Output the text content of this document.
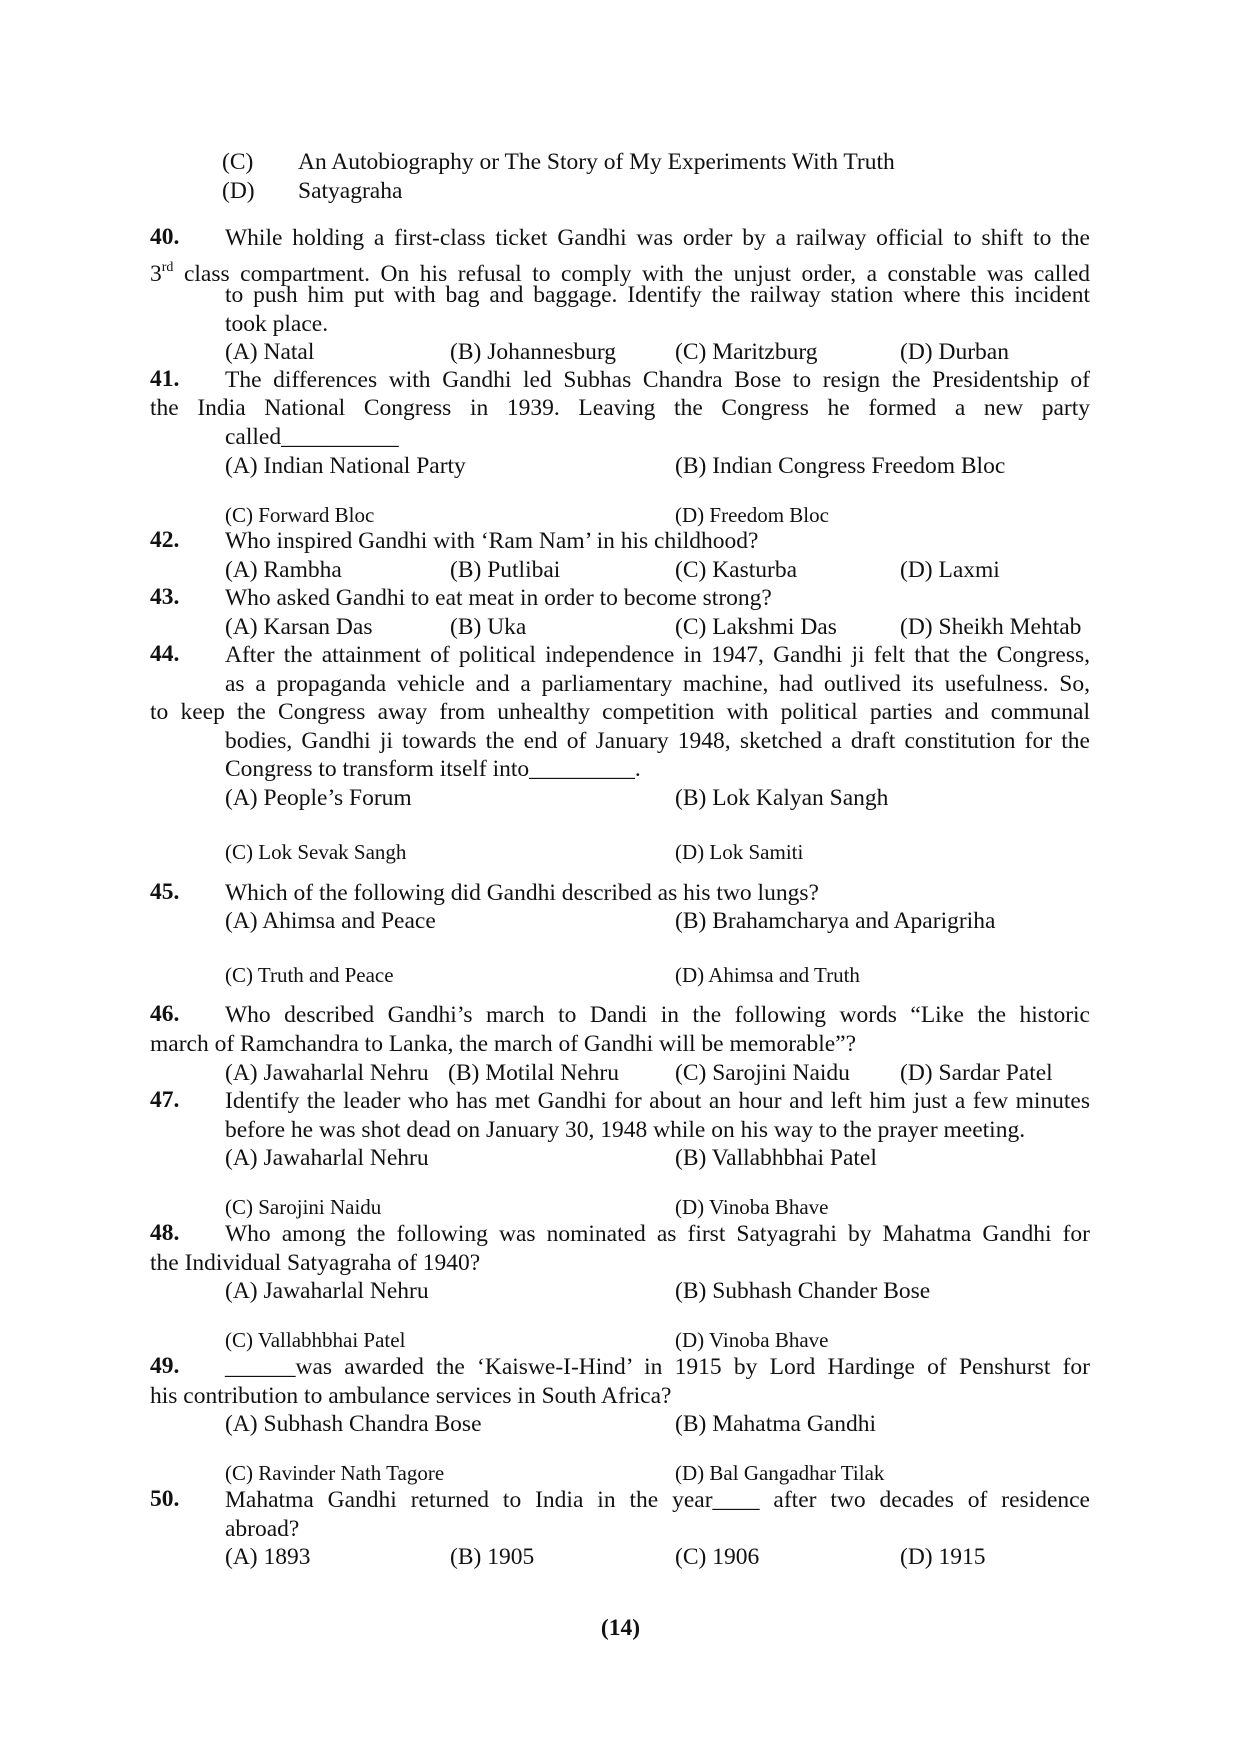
(C) An Autobiography or The Story of My Experiments With Truth
(D) Satyagraha
40. While holding a first-class ticket Gandhi was order by a railway official to shift to the
3rd class compartment. On his refusal to comply with the unjust order, a constable was called
to push him put with bag and baggage. Identify the railway station where this incident
took place.
(A) Natal	(B) Johannesburg	(C) Maritzburg	(D) Durban
41. The differences with Gandhi led Subhas Chandra Bose to resign the Presidentship of
the India National Congress in 1939. Leaving the Congress he formed a new party
called__________
(A) Indian National Party	(B) Indian Congress Freedom Bloc
(C) Forward Bloc	(D) Freedom Bloc
42. Who inspired Gandhi with ‘Ram Nam’ in his childhood?
(A) Rambha	(B) Putlibai	(C) Kasturba	(D) Laxmi
43. Who asked Gandhi to eat meat in order to become strong?
(A) Karsan Das	(B) Uka	(C) Lakshmi Das	(D) Sheikh Mehtab
44. After the attainment of political independence in 1947, Gandhi ji felt that the Congress,
as a propaganda vehicle and a parliamentary machine, had outlived its usefulness. So,
to keep the Congress away from unhealthy competition with political parties and communal
bodies, Gandhi ji towards the end of January 1948, sketched a draft constitution for the
Congress to transform itself into_________.
(A) People’s Forum	(B) Lok Kalyan Sangh
(C) Lok Sevak Sangh	(D) Lok Samiti
45. Which of the following did Gandhi described as his two lungs?
(A) Ahimsa and Peace	(B) Brahamcharya and Aparigriha
(C) Truth and Peace	(D) Ahimsa and Truth
46. Who described Gandhi’s march to Dandi in the following words “Like the historic
march of Ramchandra to Lanka, the march of Gandhi will be memorable”?
(A) Jawaharlal Nehru (B) Motilal Nehru	(C) Sarojini Naidu	(D) Sardar Patel
47. Identify the leader who has met Gandhi for about an hour and left him just a few minutes
before he was shot dead on January 30, 1948 while on his way to the prayer meeting.
(A) Jawaharlal Nehru	(B) Vallabhbhai Patel
(C) Sarojini Naidu	(D) Vinoba Bhave
48. Who among the following was nominated as first Satyagrahi by Mahatma Gandhi for
the Individual Satyagraha of 1940?
(A) Jawaharlal Nehru	(B) Subhash Chander Bose
(C) Vallabhbhai Patel	(D) Vinoba Bhave
49. ______was awarded the ‘Kaiswe-I-Hind’ in 1915 by Lord Hardinge of Penshurst for
his contribution to ambulance services in South Africa?
(A) Subhash Chandra Bose	(B) Mahatma Gandhi
(C) Ravinder Nath Tagore	(D) Bal Gangadhar Tilak
50. Mahatma Gandhi returned to India in the year____ after two decades of residence
abroad?
(A) 1893	(B) 1905	(C) 1906	(D) 1915
(14)
